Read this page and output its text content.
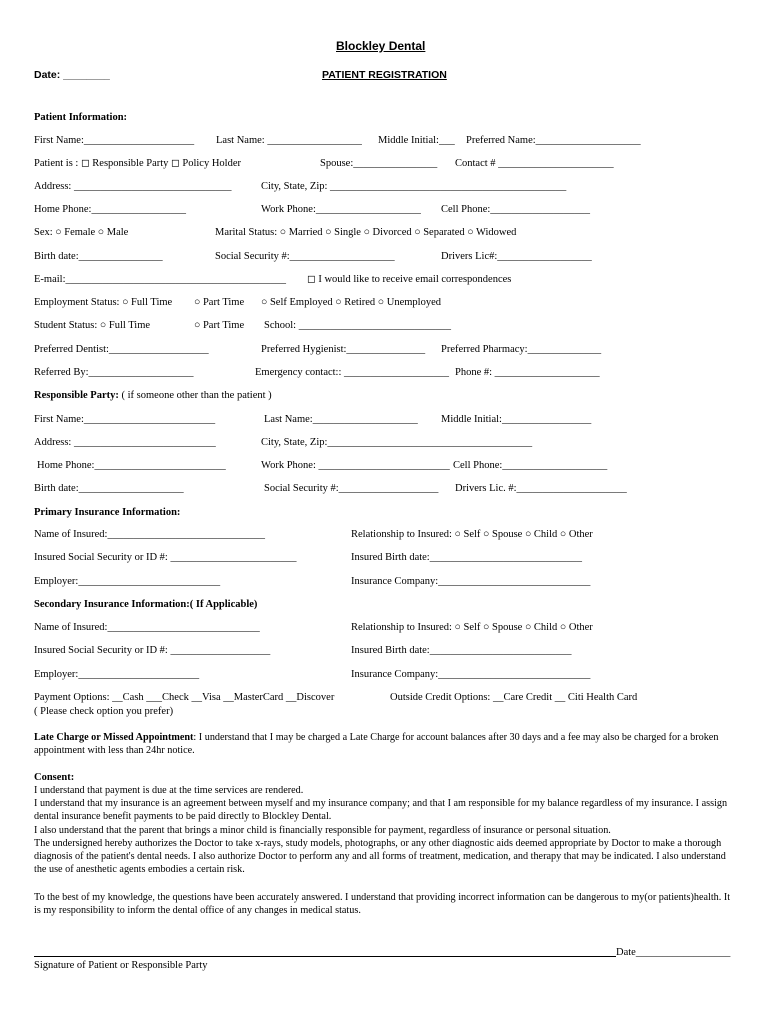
Blockley Dental
Date: ________	PATIENT REGISTRATION
Patient Information:
First Name:_____________________ Last Name: __________________ Middle Initial:___ Preferred Name:____________________
Patient is : ◻ Responsible Party ◻ Policy Holder	Spouse:________________ Contact # ______________________
Address: ______________________________	City, State, Zip: _____________________________________________
Home Phone:__________________	Work Phone:____________________ Cell Phone:___________________
Sex: ○ Female ○ Male	Marital Status: ○ Married ○ Single ○ Divorced ○ Separated ○ Widowed
Birth date:________________	Social Security #:____________________	Drivers Lic#:__________________
E-mail:__________________________________________ ◻ I would like to receive email correspondences
Employment Status: ○ Full Time ○ Part Time ○ Self Employed ○ Retired ○ Unemployed
Student Status: ○ Full Time	○ Part Time School: _____________________________
Preferred Dentist:___________________	Preferred Hygienist:_______________ Preferred Pharmacy:______________
Referred By:____________________	Emergency contact:: ____________________ Phone #: ____________________
Responsible Party: ( if someone other than the patient )
First Name:_________________________	Last Name:____________________ Middle Initial:_________________
Address: ___________________________	City, State, Zip:_______________________________________
Home Phone:_________________________	Work Phone: _________________________ Cell Phone:____________________
Birth date:____________________	Social Security #:___________________ Drivers Lic. #:_____________________
Primary Insurance Information:
Name of Insured:______________________________	Relationship to Insured: ○ Self ○ Spouse ○ Child ○ Other
Insured Social Security or ID #: ________________________	Insured Birth date:_____________________________
Employer:___________________________	Insurance Company:_____________________________
Secondary Insurance Information:( If Applicable)
Name of Insured:_____________________________	Relationship to Insured: ○ Self ○ Spouse ○ Child ○ Other
Insured Social Security or ID #: ___________________	Insured Birth date:___________________________
Employer:_______________________	Insurance Company:_____________________________
Payment Options: __Cash ___Check __Visa __MasterCard __Discover	Outside Credit Options: __Care Credit __ Citi Health Card
( Please check option you prefer)
Late Charge or Missed Appointment: I understand that I may be charged a Late Charge for account balances after 30 days and a fee may also be charged for a broken appointment with less than 24hr notice.
Consent:
I understand that payment is due at the time services are rendered.
I understand that my insurance is an agreement between myself and my insurance company; and that I am responsible for my balance regardless of my insurance. I assign dental insurance benefit payments to be paid directly to Blockley Dental.
I also understand that the parent that brings a minor child is financially responsible for payment, regardless of insurance or personal situation.
The undersigned hereby authorizes the Doctor to take x-rays, study models, photographs, or any other diagnostic aids deemed appropriate by Doctor to make a thorough diagnosis of the patient's dental needs. I also authorize Doctor to perform any and all forms of treatment, medication, and therapy that may be indicated. I also understand the use of anesthetic agents embodies a certain risk.
To the best of my knowledge, the questions have been accurately answered. I understand that providing incorrect information can be dangerous to my(or patients)health. It is my responsibility to inform the dental office of any changes in medical status.
Date__________________
Signature of Patient or Responsible Party
